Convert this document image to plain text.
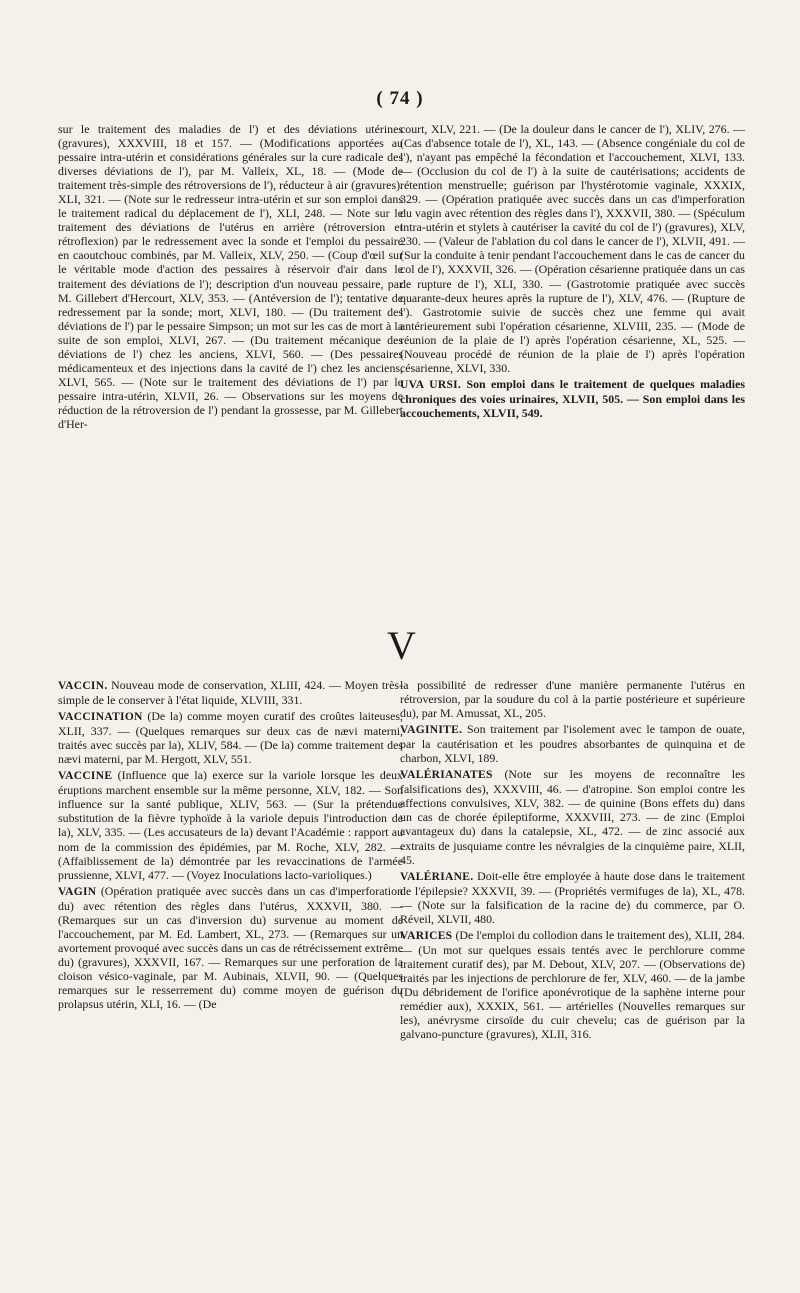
( 74 )

sur le traitement des maladies de l') et des déviations utérines (gravures), XXXVIII, 18 et 157. — (Modifications apportées au pessaire intra-utérin et considérations générales sur la cure radicale des diverses déviations de l'), par M. Valleix, XL, 18. — (Mode de traitement très-simple des rétroversions de l'), réducteur à air (gravures). XLI, 321. — (Note sur le redresseur intra-utérin et sur son emploi dans le traitement radical du déplacement de l'), XLI, 248. — Note sur le traitement des déviations de l'utérus en arrière (rétroversion et rétroflexion) par le redressement avec la sonde et l'emploi du pessaire en caoutchouc combinés, par M. Valleix, XLV, 250. — (Coup d'œil sur le véritable mode d'action des pessaires à réservoir d'air dans le traitement des déviations de l'); description d'un nouveau pessaire, par M. Gillebert d'Hercourt, XLV, 353. — (Antéversion de l'); tentative de redressement par la sonde; mort, XLVI, 180. — (Du traitement des déviations de l') par le pessaire Simpson; un mot sur les cas de mort à la suite de son emploi, XLVI, 267. — (Du traitement mécanique des déviations de l') chez les anciens, XLVI, 560. — (Des pessaires médicamenteux et des injections dans la cavité de l') chez les anciens, XLVI, 565. — (Note sur le traitement des déviations de l') par le pessaire intra-utérin, XLVII, 26. — Observations sur les moyens de réduction de la rétroversion de l') pendant la grossesse, par M. Gillebert d'Her-

court, XLV, 221. — (De la douleur dans le cancer de l'), XLIV, 276. — (Cas d'absence totale de l'), XL, 143. — (Absence congéniale du col de l'), n'ayant pas empêché la fécondation et l'accouchement, XLVI, 133. — (Occlusion du col de l') à la suite de cautérisations; accidents de rétention menstruelle; guérison par l'hystérotomie vaginale, XXXIX, 329. — (Opération pratiquée avec succès dans un cas d'imperforation du vagin avec rétention des règles dans l'), XXXVII, 380. — (Spéculum intra-utérin et stylets à cautériser la cavité du col de l') (gravures), XLV, 230. — (Valeur de l'ablation du col dans le cancer de l'), XLVII, 491. — (Sur la conduite à tenir pendant l'accouchement dans le cas de cancer du col de l'), XXXVII, 326. — (Opération césarienne pratiquée dans un cas de rupture de l'), XLI, 330. — (Gastrotomie pratiquée avec succès quarante-deux heures après la rupture de l'), XLV, 476. — (Rupture de l'). Gastrotomie suivie de succès chez une femme qui avait antérieurement subi l'opération césarienne, XLVIII, 235. — (Mode de réunion de la plaie de l') après l'opération césarienne, XL, 525. — (Nouveau procédé de réunion de la plaie de l') après l'opération césarienne, XLVI, 330.

UVA URSI. Son emploi dans le traitement de quelques maladies chroniques des voies urinaires, XLVII, 505. — Son emploi dans les accouchements, XLVII, 549.

V

VACCIN. Nouveau mode de conservation, XLIII, 424. — Moyen très-simple de le conserver à l'état liquide, XLVIII, 331.

VACCINATION (De la) comme moyen curatif des croûtes laiteuses, XLII, 337. — (Quelques remarques sur deux cas de nævi materni, traités avec succès par la), XLIV, 584. — (De la) comme traitement des nævi materni, par M. Hergott, XLV, 551.

VACCINE (Influence que la) exerce sur la variole lorsque les deux éruptions marchent ensemble sur la même personne, XLV, 182. — Son influence sur la santé publique, XLIV, 563. — (Sur la prétendue substitution de la fièvre typhoïde à la variole depuis l'introduction de la), XLV, 335. — (Les accusateurs de la) devant l'Académie : rapport au nom de la commission des épidémies, par M. Roche, XLV, 282. — (Affaiblissement de la) démontrée par les revaccinations de l'armée prussienne, XLVI, 477. — (Voyez Inoculations lacto-varioliques.)

VAGIN (Opération pratiquée avec succès dans un cas d'imperforation du) avec rétention des règles dans l'utérus, XXXVII, 380. — (Remarques sur un cas d'inversion du) survenue au moment de l'accouchement, par M. Ed. Lambert, XL, 273. — (Remarques sur un avortement provoqué avec succès dans un cas de rétrécissement extrême du) (gravures), XXXVII, 167. — Remarques sur une perforation de la cloison vésico-vaginale, par M. Aubinais, XLVII, 90. — (Quelques remarques sur le resserrement du) comme moyen de guérison du prolapsus utérin, XLI, 16. — (De

la possibilité de redresser d'une manière permanente l'utérus en rétroversion, par la soudure du col à la partie postérieure et supérieure du), par M. Amussat, XL, 205.

VAGINITE. Son traitement par l'isolement avec le tampon de ouate, par la cautérisation et les poudres absorbantes de quinquina et de charbon, XLVI, 189.

VALÉRIANATES (Note sur les moyens de reconnaître les falsifications des), XXXVIII, 46. — d'atropine. Son emploi contre les affections convulsives, XLV, 382. — de quinine (Bons effets du) dans un cas de chorée épileptiforme, XXXVIII, 273. — de zinc (Emploi avantageux du) dans la catalepsie, XL, 472. — de zinc associé aux extraits de jusquiame contre les névralgies de la cinquième paire, XLII, 45.

VALÉRIANE. Doit-elle être employée à haute dose dans le traitement de l'épilepsie? XXXVII, 39. — (Propriétés vermifuges de la), XL, 478. — (Note sur la falsification de la racine de) du commerce, par O. Réveil, XLVII, 480.

VARICES (De l'emploi du collodion dans le traitement des), XLII, 284. — (Un mot sur quelques essais tentés avec le perchlorure comme traitement curatif des), par M. Debout, XLV, 207. — (Observations de) traités par les injections de perchlorure de fer, XLV, 460. — de la jambe (Du débridement de l'orifice aponévrotique de la saphène interne pour remédier aux), XXXIX, 561. — artérielles (Nouvelles remarques sur les), anévrysme cirsoïde du cuir chevelu; cas de guérison par la galvano-puncture (gravures), XLII, 316.
